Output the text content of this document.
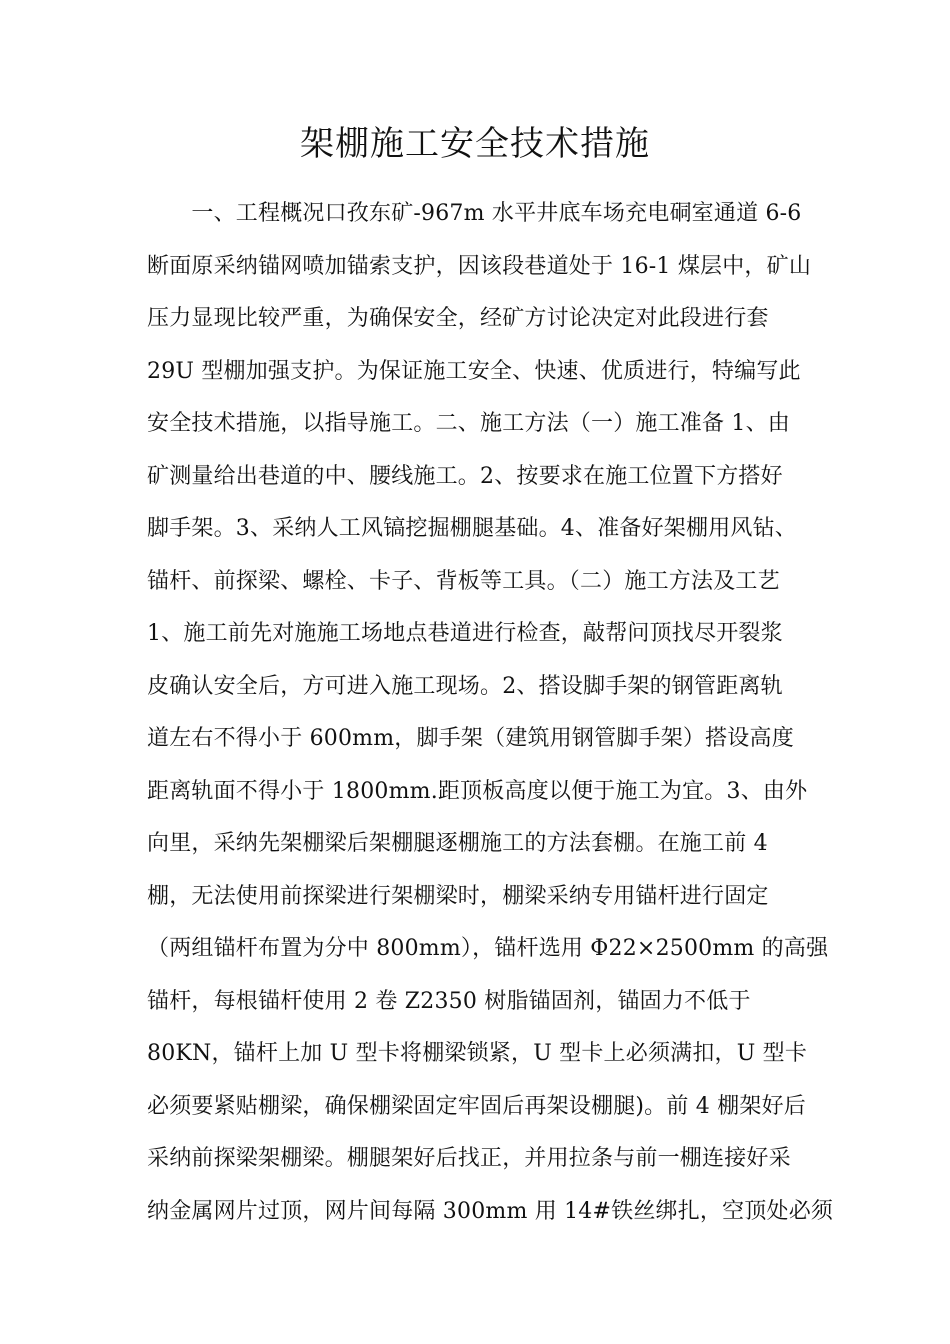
架棚施工安全技术措施
　　一、工程概况口孜东矿-967m 水平井底车场充电硐室通道 6-6
断面原采纳锚网喷加锚索支护，因该段巷道处于 16-1 煤层中，矿山
压力显现比较严重，为确保安全，经矿方讨论决定对此段进行套
29U 型棚加强支护。为保证施工安全、快速、优质进行，特编写此
安全技术措施，以指导施工。二、施工方法（一）施工准备 1、由
矿测量给出巷道的中、腰线施工。2、按要求在施工位置下方搭好
脚手架。3、采纳人工风镐挖掘棚腿基础。4、准备好架棚用风钻、
锚杆、前探梁、螺栓、卡子、背板等工具。（二）施工方法及工艺
1、施工前先对施施工场地点巷道进行检查，敲帮问顶找尽开裂浆
皮确认安全后，方可进入施工现场。2、搭设脚手架的钢管距离轨
道左右不得小于 600mm，脚手架（建筑用钢管脚手架）搭设高度
距离轨面不得小于 1800mm.距顶板高度以便于施工为宜。3、由外
向里，采纳先架棚梁后架棚腿逐棚施工的方法套棚。在施工前 4
棚，无法使用前探梁进行架棚梁时，棚梁采纳专用锚杆进行固定
（两组锚杆布置为分中 800mm），锚杆选用 Φ22×2500mm 的高强
锚杆，每根锚杆使用 2 卷 Z2350 树脂锚固剂，锚固力不低于
80KN，锚杆上加 U 型卡将棚梁锁紧，U 型卡上必须满扣，U 型卡
必须要紧贴棚梁，确保棚梁固定牢固后再架设棚腿)。前 4 棚架好后
采纳前探梁架棚梁。棚腿架好后找正，并用拉条与前一棚连接好采
纳金属网片过顶，网片间每隔 300mm 用 14#铁丝绑扎，空顶处必须
